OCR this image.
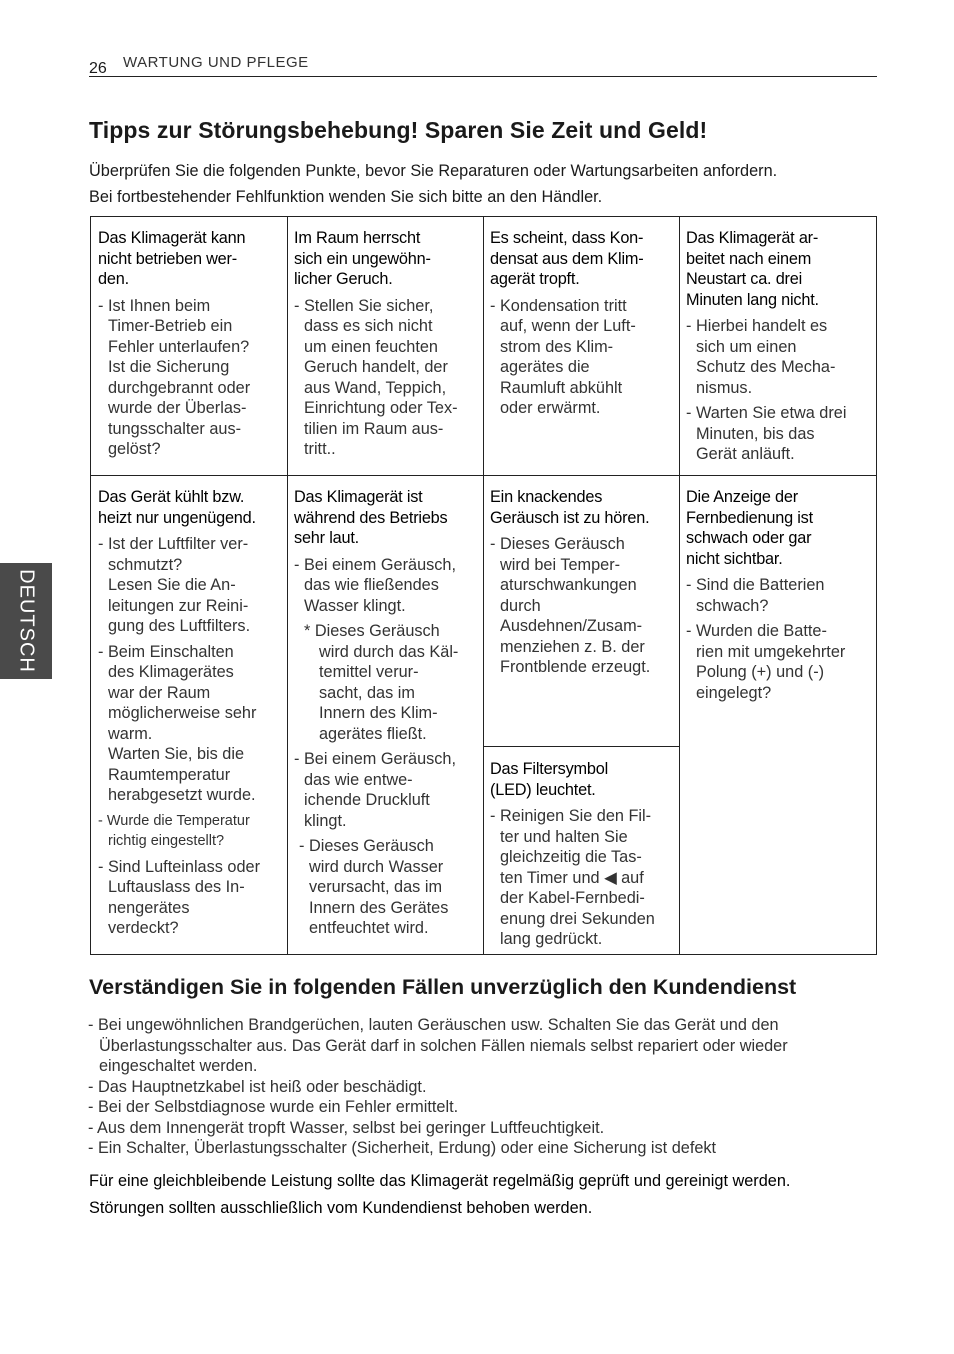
26 WARTUNG UND PFLEGE
DEUTSCH
Tipps zur Störungsbehebung! Sparen Sie Zeit und Geld!
Überprüfen Sie die folgenden Punkte, bevor Sie Reparaturen oder Wartungsarbeiten anfordern.
Bei fortbestehender Fehlfunktion wenden Sie sich bitte an den Händler.
Das Klimagerät kann
nicht betrieben wer-
den.
- Ist Ihnen beim
Timer-Betrieb ein
Fehler unterlaufen?
Ist die Sicherung
durchgebrannt oder
wurde der Überlas-
tungsschalter aus-
gelöst?
Im Raum herrscht
sich ein ungewöhn-
licher Geruch.
- Stellen Sie sicher,
dass es sich nicht
um einen feuchten
Geruch handelt, der
aus Wand, Teppich,
Einrichtung oder Tex-
tilien im Raum aus-
tritt..
Es scheint, dass Kon-
densat aus dem Klim-
agerät tropft.
- Kondensation tritt
auf, wenn der Luft-
strom des Klim-
agerätes die
Raumluft abkühlt
oder erwärmt.
Das Klimagerät ar-
beitet nach einem
Neustart ca. drei
Minuten lang nicht.
- Hierbei handelt es
sich um einen
Schutz des Mecha-
nismus.
- Warten Sie etwa drei
Minuten, bis das
Gerät anläuft.
Das Gerät kühlt bzw.
heizt nur ungenügend.
- Ist der Luftfilter ver-
schmutzt?
Lesen Sie die An-
leitungen zur Reini-
gung des Luftfilters.
- Beim Einschalten
des Klimagerätes
war der Raum
möglicherweise sehr
warm.
Warten Sie, bis die
Raumtemperatur
herabgesetzt wurde.
- Wurde die Temperatur
richtig eingestellt?
- Sind Lufteinlass oder
Luftauslass des In-
nengerätes
verdeckt?
Das Klimagerät ist
während des Betriebs
sehr laut.
- Bei einem Geräusch,
das wie fließendes
Wasser klingt.
* Dieses Geräusch
wird durch das Käl-
temittel verur-
sacht, das im
Innern des Klim-
agerätes fließt.
- Bei einem Geräusch,
das wie entwe-
ichende Druckluft
klingt.
- Dieses Geräusch
wird durch Wasser
verursacht, das im
Innern des Gerätes
entfeuchtet wird.
Ein knackendes
Geräusch ist zu hören.
- Dieses Geräusch
wird bei Temper-
aturschwankungen
durch
Ausdehnen/Zusam-
menziehen z. B. der
Frontblende erzeugt.
Die Anzeige der
Fernbedienung ist
schwach oder gar
nicht sichtbar.
- Sind die Batterien
schwach?
- Wurden die Batte-
rien mit umgekehrter
Polung (+) und (-)
eingelegt?
Das Filtersymbol
(LED) leuchtet.
- Reinigen Sie den Fil-
ter und halten Sie
gleichzeitig die Tas-
ten Timer und ◀ auf
der Kabel-Fernbedi-
enung drei Sekunden
lang gedrückt.
Verständigen Sie in folgenden Fällen unverzüglich den Kundendienst
- Bei ungewöhnlichen Brandgerüchen, lauten Geräuschen usw. Schalten Sie das Gerät und den Überlastungsschalter aus. Das Gerät darf in solchen Fällen niemals selbst repariert oder wieder eingeschaltet werden.
- Das Hauptnetzkabel ist heiß oder beschädigt.
- Bei der Selbstdiagnose wurde ein Fehler ermittelt.
- Aus dem Innengerät tropft Wasser, selbst bei geringer Luftfeuchtigkeit.
- Ein Schalter, Überlastungsschalter (Sicherheit, Erdung) oder eine Sicherung ist defekt
Für eine gleichbleibende Leistung sollte das Klimagerät regelmäßig geprüft und gereinigt werden.
Störungen sollten ausschließlich vom Kundendienst behoben werden.
